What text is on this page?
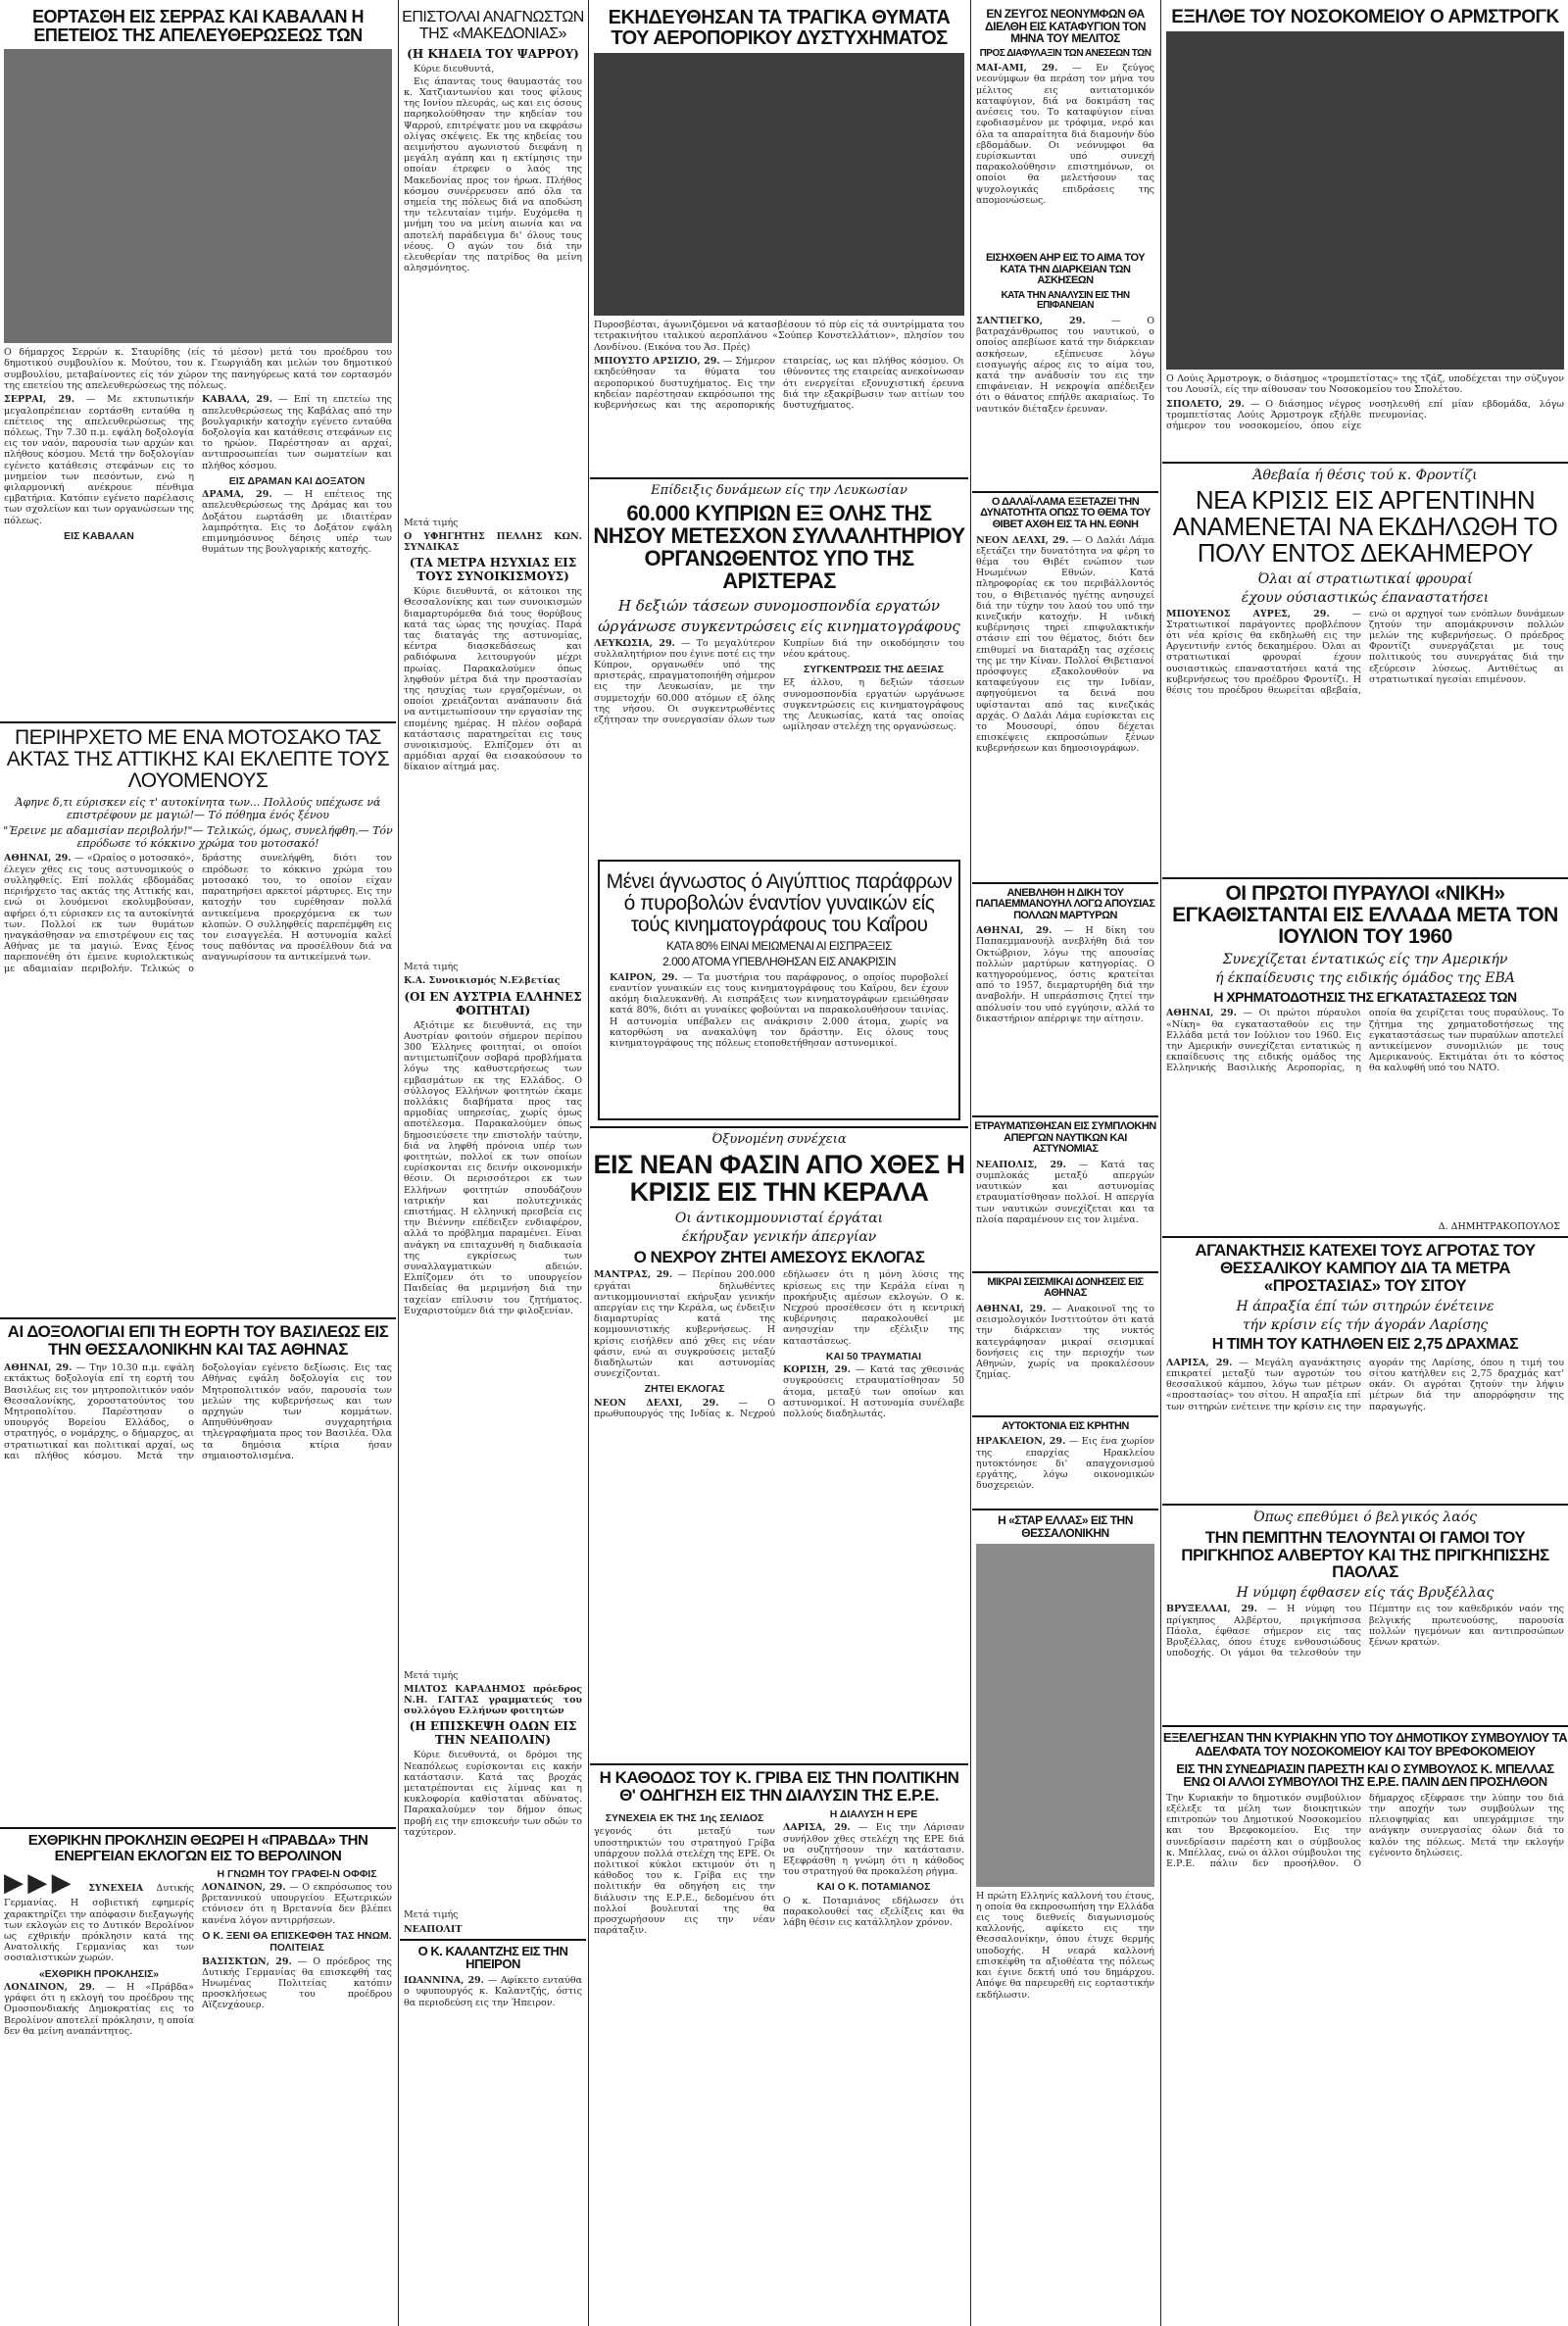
ΕΟΡΤΑΣΘΗ ΕΙΣ ΣΕΡΡΑΣ ΚΑΙ ΚΑΒΑΛΑΝ Η ΕΠΕΤΕΙΟΣ ΤΗΣ ΑΠΕΛΕΥΘΕΡΩΣΕΩΣ ΤΩΝ
Ο δήμαρχος Σερρών κ. Σταυρίδης (είς τό μέσον) μετά του προέδρου του δημοτικού συμβουλίου κ. Μούτου, του κ. Γεωργιάδη και μελών του δημοτικού συμβουλίου, μεταβαίνοντες είς τόν χώρον της πανηγύρεως κατά τον εορτασμόν της επετείου της απελευθερώσεως της πόλεως.
ΣΕΡΡΑΙ, 29. — Με εκτυπωτικήν μεγαλοπρέπειαν εορτάσθη ενταύθα η επέτειος της απελευθερώσεως της πόλεως. Την 7.30 π.μ. εψάλη δοξολογία εις τον ναόν, παρουσία των αρχών και πλήθους κόσμου. Μετά την δοξολογίαν εγένετο κατάθεσις στεφάνων εις το μνημείον των πεσόντων, ενώ η φιλαρμονική ανέκρουε πένθιμα εμβατήρια. Κατόπιν εγένετο παρέλασις των σχολείων και των οργανώσεων της πόλεως.
ΕΙΣ ΚΑΒΑΛΑΝ
ΚΑΒΑΛΑ, 29. — Επί τη επετείω της απελευθερώσεως της Καβάλας από την βουλγαρικήν κατοχήν εγένετο ενταύθα δοξολογία και κατάθεσις στεφάνων εις το ηρώον. Παρέστησαν αι αρχαί, αντιπροσωπείαι των σωματείων και πλήθος κόσμου.
ΕΙΣ ΔΡΑΜΑΝ ΚΑΙ ΔΟΞΑΤΟΝ
ΔΡΑΜΑ, 29. — Η επέτειος της απελευθερώσεως της Δράμας και του Δοξάτου εωρτάσθη με ιδιαιτέραν λαμπρότητα. Εις το Δοξάτον εψάλη επιμνημόσυνος δέησις υπέρ των θυμάτων της βουλγαρικής κατοχής.
ΠΕΡΙΗΡΧΕΤΟ ΜΕ ΕΝΑ ΜΟΤΟΣΑΚΟ ΤΑΣ ΑΚΤΑΣ ΤΗΣ ΑΤΤΙΚΗΣ ΚΑΙ ΕΚΛΕΠΤΕ ΤΟΥΣ ΛΟΥΟΜΕΝΟΥΣ
Άφηνε δ,τι εύρισκεν είς τ' αυτοκίνητα των... Πολλούς υπέχωσε νά επιστρέφουν με μαγιώ!— Τό πόθημα ένός ξένου
"Έρεινε με αδαμισίαν περιβολήν!"— Τελικώς, όμως, συνελήφθη.— Τόν επρόδωσε τό κόκκινο χρώμα του μοτοσακό!
ΑΘΗΝΑΙ, 29. — «Ωραίος ο μοτοσακό», έλεγεν χθες εις τους αστυνομικούς ο συλληφθείς. Επί πολλάς εβδομάδας περιήρχετο τας ακτάς της Αττικής και, ενώ οι λουόμενοι εκολυμβούσαν, αφήρει ό,τι εύρισκεν εις τα αυτοκίνητά των. Πολλοί εκ των θυμάτων ηναγκάσθησαν να επιστρέψουν εις τας Αθήνας με τα μαγιώ. Ένας ξένος παρεπονέθη ότι έμεινε κυριολεκτικώς με αδαμιαίαν περιβολήν. Τελικώς ο δράστης συνελήφθη, διότι τον επρόδωσε το κόκκινο χρώμα του μοτοσακό του, το οποίον είχαν παρατηρήσει αρκετοί μάρτυρες. Εις την κατοχήν του ευρέθησαν πολλά αντικείμενα προερχόμενα εκ των κλοπών. Ο συλληφθείς παρεπέμφθη εις τον εισαγγελέα. Η αστυνομία καλεί τους παθόντας να προσέλθουν διά να αναγνωρίσουν τα αντικείμενά των.
ΑΙ ΔΟΞΟΛΟΓΙΑΙ ΕΠΙ ΤΗ ΕΟΡΤΗ ΤΟΥ ΒΑΣΙΛΕΩΣ ΕΙΣ ΤΗΝ ΘΕΣΣΑΛΟΝΙΚΗΝ ΚΑΙ ΤΑΣ ΑΘΗΝΑΣ
ΑΘΗΝΑΙ, 29. — Την 10.30 π.μ. εψάλη εκτάκτως δοξολογία επί τη εορτή του Βασιλέως εις τον μητροπολιτικόν ναόν Θεσσαλονίκης, χοροστατούντος του Μητροπολίτου. Παρέστησαν ο υπουργός Βορείου Ελλάδος, ο στρατηγός, ο νομάρχης, ο δήμαρχος, αι στρατιωτικαί και πολιτικαί αρχαί, ως και πλήθος κόσμου. Μετά την δοξολογίαν εγένετο δεξίωσις. Εις τας Αθήνας εψάλη δοξολογία εις τον Μητροπολιτικόν ναόν, παρουσία των μελών της κυβερνήσεως και των αρχηγών των κομμάτων. Απηυθύνθησαν συγχαρητήρια τηλεγραφήματα προς τον Βασιλέα. Όλα τα δημόσια κτίρια ήσαν σημαιοστολισμένα.
ΕΧΘΡΙΚΗΝ ΠΡΟΚΛΗΣΙΝ ΘΕΩΡΕΙ Η «ΠΡΑΒΔΑ» ΤΗΝ ΕΝΕΡΓΕΙΑΝ ΕΚΛΟΓΩΝ ΕΙΣ ΤΟ ΒΕΡΟΛΙΝΟΝ
▶▶▶ ΣΥΝΕΧΕΙΑ Δυτικής Γερμανίας. Η σοβιετική εφημερίς χαρακτηρίζει την απόφασιν διεξαγωγής των εκλογών εις το Δυτικόν Βερολίνον ως εχθρικήν πρόκλησιν κατά της Ανατολικής Γερμανίας και των σοσιαλιστικών χωρών.
«ΕΧΘΡΙΚΗ ΠΡΟΚΛΗΣΙΣ»
ΛΟΝΔΙΝΟΝ, 29. — Η «Πράβδα» γράφει ότι η εκλογή του προέδρου της Ομοσπονδιακής Δημοκρατίας εις το Βερολίνον αποτελεί πρόκλησιν, η οποία δεν θα μείνη αναπάντητος.
Η ΓΝΩΜΗ ΤΟΥ ΓΡΑΦΕΙ-Ν ΟΦΦΙΣ
ΛΟΝΔΙΝΟΝ, 29. — Ο εκπρόσωπος του βρεταννικού υπουργείου Εξωτερικών ετόνισεν ότι η Βρεταννία δεν βλέπει κανένα λόγον αντιρρήσεων.
Ο Κ. ΞΕΝΙ ΘΑ ΕΠΙΣΚΕΦΘΗ ΤΑΣ ΗΝΩΜ. ΠΟΛΙΤΕΙΑΣ
ΒΑΣΙΣΚΤΩΝ, 29. — Ο πρόεδρος της Δυτικής Γερμανίας θα επισκεφθή τας Ηνωμένας Πολιτείας κατόπιν προσκλήσεως του προέδρου Αϊζενχάουερ.
ΕΠΙΣΤΟΛΑΙ ΑΝΑΓΝΩΣΤΩΝ ΤΗΣ «ΜΑΚΕΔΟΝΙΑΣ»
(Η ΚΗΔΕΙΑ ΤΟΥ ΨΑΡΡΟΥ)

Κύριε διευθυντά,

Εις άπαντας τους θαυμαστάς του κ. Χατζιαντωνίου και τους φίλους της Ιονίου πλευράς, ως και εις όσους παρηκολούθησαν την κηδείαν του Ψαρρού, επιτρέψατε μου να εκφράσω ολίγας σκέψεις. Εκ της κηδείας του αειμνήστου αγωνιστού διεφάνη η μεγάλη αγάπη και η εκτίμησις την οποίαν έτρεφεν ο λαός της Μακεδονίας προς τον ήρωα. Πλήθος κόσμου συνέρρευσεν από όλα τα σημεία της πόλεως διά να αποδώση την τελευταίαν τιμήν. Ευχόμεθα η μνήμη του να μείνη αιωνία και να αποτελή παράδειγμα δι' όλους τους νέους. Ο αγών του διά την ελευθερίαν της πατρίδος θα μείνη αλησμόνητος.

Μετά τιμής
Ο ΥΦΗΓΗΤΗΣ ΠΕΛΛΗΣ ΚΩΝ. ΣΥΝΔΙΚΑΣ
(ΤΑ ΜΕΤΡΑ ΗΣΥΧΙΑΣ ΕΙΣ ΤΟΥΣ ΣΥΝΟΙΚΙΣΜΟΥΣ)

Κύριε διευθυντά, οι κάτοικοι της Θεσσαλονίκης και των συνοικισμών διαμαρτυρόμεθα διά τους θορύβους κατά τας ώρας της ησυχίας. Παρά τας διαταγάς της αστυνομίας, κέντρα διασκεδάσεως και ραδιόφωνα λειτουργούν μέχρι πρωίας. Παρακαλούμεν όπως ληφθούν μέτρα διά την προστασίαν της ησυχίας των εργαζομένων, οι οποίοι χρειάζονται ανάπαυσιν διά να αντιμετωπίσουν την εργασίαν της επομένης ημέρας. Η πλέον σοβαρά κατάστασις παρατηρείται εις τους συνοικισμούς. Ελπίζομεν ότι αι αρμόδιαι αρχαί θα εισακούσουν το δίκαιον αίτημά μας.

Μετά τιμής
Κ.Α. Συνοικισμός Ν.Ελβετίας
(ΟΙ ΕΝ ΑΥΣΤΡΙΑ ΕΛΛΗΝΕΣ ΦΟΙΤΗΤΑΙ)

Αξιότιμε κε διευθυντά, εις την Αυστρίαν φοιτούν σήμερον περίπου 300 Έλληνες φοιτηταί, οι οποίοι αντιμετωπίζουν σοβαρά προβλήματα λόγω της καθυστερήσεως των εμβασμάτων εκ της Ελλάδος. Ο σύλλογος Ελλήνων φοιτητών έκαμε πολλάκις διαβήματα προς τας αρμοδίας υπηρεσίας, χωρίς όμως αποτέλεσμα. Παρακαλούμεν όπως δημοσιεύσετε την επιστολήν ταύτην, διά να ληφθή πρόνοια υπέρ των φοιτητών, πολλοί εκ των οποίων ευρίσκονται εις δεινήν οικονομικήν θέσιν. Οι περισσότεροι εκ των Ελλήνων φοιτητών σπουδάζουν ιατρικήν και πολυτεχνικάς επιστήμας. Η ελληνική πρεσβεία εις την Βιέννην επέδειξεν ενδιαφέρον, αλλά το πρόβλημα παραμένει. Είναι ανάγκη να επιταχυνθή η διαδικασία της εγκρίσεως των συναλλαγματικών αδειών. Ελπίζομεν ότι το υπουργείον Παιδείας θα μεριμνήση διά την ταχείαν επίλυσιν του ζητήματος. Ευχαριστούμεν διά την φιλοξενίαν.

Μετά τιμής
ΜΙΛΤΟΣ ΚΑΡΑΔΗΜΟΣ πρόεδρος Ν.Η. ΓΑΓΓΑΣ γραμματεύς του συλλόγου Ελλήνων φοιτητών
(Η ΕΠΙΣΚΕΨΗ ΟΔΩΝ ΕΙΣ ΤΗΝ ΝΕΑΠΟΛΙΝ)

Κύριε διευθυντά, οι δρόμοι της Νεαπόλεως ευρίσκονται εις κακήν κατάστασιν. Κατά τας βροχάς μετατρέπονται εις λίμνας και η κυκλοφορία καθίσταται αδύνατος. Παρακαλούμεν τον δήμον όπως προβή εις την επισκευήν των οδών το ταχύτερον.

Μετά τιμής
ΝΕΑΠΟΛΙΤ
Ο Κ. ΚΑΛΑΝΤΖΗΣ ΕΙΣ ΤΗΝ ΗΠΕΙΡΟΝ
ΙΩΑΝΝΙΝΑ, 29. — Αφίκετο ενταύθα ο υφυπουργός κ. Καλαντζής, όστις θα περιοδεύση εις την Ήπειρον.
ΕΚΗΔΕΥΘΗΣΑΝ ΤΑ ΤΡΑΓΙΚΑ ΘΥΜΑΤΑ ΤΟΥ ΑΕΡΟΠΟΡΙΚΟΥ ΔΥΣΤΥΧΗΜΑΤΟΣ
Πυροσβέσται, άγωνιζόμενοι νά κατασβέσουν τό πύρ είς τά συντρίμματα του τετρακινήτου ιταλικού αεροπλάνου «Σούπερ Κονστελλάτιον», πλησίον του Λονδίνου. (Εικόνα του Άσ. Πρές)
ΜΠΟΥΣΤΟ ΑΡΣΙΖΙΟ, 29. — Σήμερον εκηδεύθησαν τα θύματα του αεροπορικού δυστυχήματος. Εις την κηδείαν παρέστησαν εκπρόσωποι της κυβερνήσεως και της αεροπορικής εταιρείας, ως και πλήθος κόσμου. Οι ιθύνοντες της εταιρείας ανεκοίνωσαν ότι ενεργείται εξονυχιστική έρευνα διά την εξακρίβωσιν των αιτίων του δυστυχήματος.
Επίδειξις δυνάμεων είς την Λευκωσίαν
60.000 ΚΥΠΡΙΩΝ ΕΞ ΟΛΗΣ ΤΗΣ ΝΗΣΟΥ ΜΕΤΕΣΧΟΝ ΣΥΛΛΑΛΗΤΗΡΙΟΥ ΟΡΓΑΝΩΘΕΝΤΟΣ ΥΠΟ ΤΗΣ ΑΡΙΣΤΕΡΑΣ
Η δεξιών τάσεων συνομοσπονδία εργατών
ώργάνωσε συγκεντρώσεις είς κινηματογράφους
ΛΕΥΚΩΣΙΑ, 29. — Το μεγαλύτερον συλλαλητήριον που έγινε ποτέ εις την Κύπρον, οργανωθέν υπό της αριστεράς, επραγματοποιήθη σήμερον εις την Λευκωσίαν, με την συμμετοχήν 60.000 ατόμων εξ όλης της νήσου. Οι συγκεντρωθέντες εζήτησαν την συνεργασίαν όλων των Κυπρίων διά την οικοδόμησιν του νέου κράτους.
ΣΥΓΚΕΝΤΡΩΣΙΣ ΤΗΣ ΔΕΞΙΑΣ
Εξ άλλου, η δεξιών τάσεων συνομοσπονδία εργατών ωργάνωσε συγκεντρώσεις εις κινηματογράφους της Λευκωσίας, κατά τας οποίας ωμίλησαν στελέχη της οργανώσεως.
Μένει άγνωστος ό Αιγύπτιος παράφρων ό πυροβολών έναντίον γυναικών είς τούς κινηματογράφους του Καΐρου
ΚΑΤΑ 80% ΕΙΝΑΙ ΜΕΙΩΜΕΝΑΙ ΑΙ ΕΙΣΠΡΑΞΕΙΣ
2.000 ΑΤΟΜΑ ΥΠΕΒΛΗΘΗΣΑΝ ΕΙΣ ΑΝΑΚΡΙΣΙΝ
ΚΑΪΡΟΝ, 29. — Τα μυστήρια του παράφρονος, ο οποίος πυροβολεί εναντίον γυναικών εις τους κινηματογράφους του Καΐρου, δεν έχουν ακόμη διαλευκανθή. Αι εισπράξεις των κινηματογράφων εμειώθησαν κατά 80%, διότι αι γυναίκες φοβούνται να παρακολουθήσουν ταινίας. Η αστυνομία υπέβαλεν εις ανάκρισιν 2.000 άτομα, χωρίς να κατορθώση να ανακαλύψη τον δράστην. Εις όλους τους κινηματογράφους της πόλεως ετοποθετήθησαν αστυνομικοί.
Όξυνομένη συνέχεια
ΕΙΣ ΝΕΑΝ ΦΑΣΙΝ ΑΠΟ ΧΘΕΣ Η ΚΡΙΣΙΣ ΕΙΣ ΤΗΝ ΚΕΡΑΛΑ
Οι άντικομμουνισταί έργάται
έκήρυξαν γενικήν άπεργίαν
Ο ΝΕΧΡΟΥ ΖΗΤΕΙ ΑΜΕΣΟΥΣ ΕΚΛΟΓΑΣ
ΜΑΝΤΡΑΣ, 29. — Περίπου 200.000 εργάται δηλωθέντες αντικομμουνισταί εκήρυξαν γενικήν απεργίαν εις την Κεράλα, ως ένδειξιν διαμαρτυρίας κατά της κομμουνιστικής κυβερνήσεως. Η κρίσις εισήλθεν από χθες εις νέαν φάσιν, ενώ αι συγκρούσεις μεταξύ διαδηλωτών και αστυνομίας συνεχίζονται.
ΖΗΤΕΙ ΕΚΛΟΓΑΣ
ΝΕΟΝ ΔΕΛΧΙ, 29. — Ο πρωθυπουργός της Ινδίας κ. Νεχρού εδήλωσεν ότι η μόνη λύσις της κρίσεως εις την Κεράλα είναι η προκήρυξις αμέσων εκλογών. Ο κ. Νεχρού προσέθεσεν ότι η κεντρική κυβέρνησις παρακολουθεί με ανησυχίαν την εξέλιξιν της καταστάσεως.
ΚΑΙ 50 ΤΡΑΥΜΑΤΙΑΙ
ΚΟΡΙΣΗ, 29. — Κατά τας χθεσινάς συγκρούσεις ετραυματίσθησαν 50 άτομα, μεταξύ των οποίων και αστυνομικοί. Η αστυνομία συνέλαβε πολλούς διαδηλωτάς.
Η ΚΑΘΟΔΟΣ ΤΟΥ Κ. ΓΡΙΒΑ ΕΙΣ ΤΗΝ ΠΟΛΙΤΙΚΗΝ Θ' ΟΔΗΓΗΣΗ ΕΙΣ ΤΗΝ ΔΙΑΛΥΣΙΝ ΤΗΣ Ε.Ρ.Ε.
ΣΥΝΕΧΕΙΑ ΕΚ ΤΗΣ 1ης ΣΕΛΙΔΟΣ
γεγονός ότι μεταξύ των υποστηρικτών του στρατηγού Γρίβα υπάρχουν πολλά στελέχη της ΕΡΕ. Οι πολιτικοί κύκλοι εκτιμούν ότι η κάθοδος του κ. Γρίβα εις την πολιτικήν θα οδηγήση εις την διάλυσιν της Ε.Ρ.Ε., δεδομένου ότι πολλοί βουλευταί της θα προσχωρήσουν εις την νέαν παράταξιν.
Η ΔΙΑΛΥΣΗ Η ΕΡΕ
ΛΑΡΙΣΑ, 29. — Εις την Λάρισαν συνήλθον χθες στελέχη της ΕΡΕ διά να συζητήσουν την κατάστασιν. Εξεφράσθη η γνώμη ότι η κάθοδος του στρατηγού θα προκαλέση ρήγμα.
ΚΑΙ Ο Κ. ΠΟΤΑΜΙΑΝΟΣ
Ο κ. Ποταμιάνος εδήλωσεν ότι παρακολουθεί τας εξελίξεις και θα λάβη θέσιν εις κατάλληλον χρόνον.
ΕΝ ΖΕΥΓΟΣ ΝΕΟΝΥΜΦΩΝ ΘΑ ΔΙΕΛΘΗ ΕΙΣ ΚΑΤΑΦΥΓΙΟΝ ΤΟΝ ΜΗΝΑ ΤΟΥ ΜΕΛΙΤΟΣ
ΠΡΟΣ ΔΙΑΦΥΛΑΞΙΝ ΤΩΝ ΑΝΕΣΕΩΝ ΤΩΝ
ΜΑΪ-ΑΜΙ, 29. — Εν ζεύγος νεονύμφων θα περάση τον μήνα του μέλιτος εις αντιατομικόν καταφύγιον, διά να δοκιμάση τας ανέσεις του. Το καταφύγιον είναι εφοδιασμένον με τρόφιμα, νερό και όλα τα απαραίτητα διά διαμονήν δύο εβδομάδων. Οι νεόνυμφοι θα ευρίσκωνται υπό συνεχή παρακολούθησιν επιστημόνων, οι οποίοι θα μελετήσουν τας ψυχολογικάς επιδράσεις της απομονώσεως.
ΕΙΣΗΧΘΕΝ ΑΗΡ ΕΙΣ ΤΟ ΑΙΜΑ ΤΟΥ ΚΑΤΑ ΤΗΝ ΔΙΑΡΚΕΙΑΝ ΤΩΝ ΑΣΚΗΣΕΩΝ
ΚΑΤΑ ΤΗΝ ΑΝΑΛΥΣΙΝ ΕΙΣ ΤΗΝ ΕΠΙΦΑΝΕΙΑΝ
ΣΑΝΤΙΕΓΚΟ, 29.	— Ο βατραχάνθρωπος του ναυτικού, ο οποίος απεβίωσε κατά την διάρκειαν ασκήσεων, εξέπνευσε λόγω εισαγωγής αέρος εις το αίμα του, κατά την ανάδυσίν του εις την επιφάνειαν. Η νεκροψία απέδειξεν ότι ο θάνατος επήλθε ακαριαίως. Το ναυτικόν διέταξεν έρευναν.
Ο ΔΑΛΑΪ-ΛΑΜΑ ΕΞΕΤΑΖΕΙ ΤΗΝ ΔΥΝΑΤΟΤΗΤΑ ΟΠΩΣ ΤΟ ΘΕΜΑ ΤΟΥ ΘΙΒΕΤ ΑΧΘΗ ΕΙΣ ΤΑ ΗΝ. ΕΘΝΗ
ΝΕΟΝ ΔΕΛΧΙ, 29. — Ο Δαλάι Λάμα εξετάζει την δυνατότητα να φέρη το θέμα του Θιβέτ ενώπιον των Ηνωμένων Εθνών. Κατά πληροφορίας εκ του περιβάλλοντός του, ο Θιβετιανός ηγέτης ανησυχεί διά την τύχην του λαού του υπό την κινεζικήν κατοχήν. Η ινδική κυβέρνησις τηρεί επιφυλακτικήν στάσιν επί του θέματος, διότι δεν επιθυμεί να διαταράξη τας σχέσεις της με την Κίναν. Πολλοί Θιβετιανοί πρόσφυγες εξακολουθούν να καταφεύγουν εις την Ινδίαν, αφηγούμενοι τα δεινά που υφίστανται από τας κινεζικάς αρχάς. Ο Δαλάι Λάμα ευρίσκεται εις το Μουσουρί, όπου δέχεται επισκέψεις εκπροσώπων ξένων κυβερνήσεων και δημοσιογράφων.
ΑΝΕΒΛΗΘΗ Η ΔΙΚΗ ΤΟΥ ΠΑΠΑΕΜΜΑΝΟΥΗΛ ΛΟΓΩ ΑΠΟΥΣΙΑΣ ΠΟΛΛΩΝ ΜΑΡΤΥΡΩΝ
ΑΘΗΝΑΙ, 29. — Η δίκη του Παπαεμμανουήλ ανεβλήθη διά τον Οκτώβριον, λόγω της απουσίας πολλών μαρτύρων κατηγορίας. Ο κατηγορούμενος, όστις κρατείται από το 1957, διεμαρτυρήθη διά την αναβολήν. Η υπεράσπισις ζητεί την απόλυσίν του υπό εγγύησιν, αλλά το δικαστήριον απέρριψε την αίτησιν.
ΕΤΡΑΥΜΑΤΙΣΘΗΣΑΝ ΕΙΣ ΣΥΜΠΛΟΚΗΝ ΑΠΕΡΓΩΝ ΝΑΥΤΙΚΩΝ ΚΑΙ ΑΣΤΥΝΟΜΙΑΣ
ΝΕΑΠΟΛΙΣ, 29. — Κατά τας συμπλοκάς μεταξύ απεργών ναυτικών και αστυνομίας ετραυματίσθησαν πολλοί. Η απεργία των ναυτικών συνεχίζεται και τα πλοία παραμένουν εις τον λιμένα.
ΜΙΚΡΑΙ ΣΕΙΣΜΙΚΑΙ ΔΟΝΗΣΕΙΣ ΕΙΣ ΑΘΗΝΑΣ
ΑΘΗΝΑΙ, 29. — Ανακοινοΐ της το σεισμολογικόν Ινστιτούτον ότι κατά την διάρκειαν της νυκτός κατεγράφησαν μικραί σεισμικαί δονήσεις εις την περιοχήν των Αθηνών, χωρίς να προκαλέσουν ζημίας.
ΑΥΤΟΚΤΟΝΙΑ ΕΙΣ ΚΡΗΤΗΝ
ΗΡΑΚΛΕΙΟΝ, 29. — Εις ένα χωρίον της επαρχίας Ηρακλείου ηυτοκτόνησε δι' απαγχονισμού εργάτης, λόγω οικονομικών δυσχερειών.
Η «ΣΤΑΡ ΕΛΛΑΣ» ΕΙΣ ΤΗΝ ΘΕΣΣΑΛΟΝΙΚΗΝ
Η πρώτη Ελληνίς καλλονή του έτους, η οποία θα εκπροσωπήση την Ελλάδα εις τους διεθνείς διαγωνισμούς καλλονής, αφίκετο εις την Θεσσαλονίκην, όπου έτυχε θερμής υποδοχής. Η νεαρά καλλονή επισκέφθη τα αξιοθέατα της πόλεως και έγινε δεκτή υπό του δημάρχου. Απόψε θα παρευρεθή εις εορταστικήν εκδήλωσιν.
ΕΞΗΛΘΕ ΤΟΥ ΝΟΣΟΚΟΜΕΙΟΥ Ο ΑΡΜΣΤΡΟΓΚ
Ο Λούις Άρμστρογκ, ο διάσημος «τρομπετίστας» της τζάζ, υποδέχεται την σύζυγον του Λουσίλ, είς την αίθουσαν του Νοσοκομείου του Σπολέτου.
ΣΠΟΛΕΤΟ, 29. — Ο διάσημος νέγρος τρομπετίστας Λούις Άρμστρογκ εξήλθε σήμερον του νοσοκομείου, όπου είχε νοσηλευθή επί μίαν εβδομάδα, λόγω πνευμονίας.
Άθεβαία ή θέσις τού κ. Φροντίζι
ΝΕΑ ΚΡΙΣΙΣ ΕΙΣ ΑΡΓΕΝΤΙΝΗΝ ΑΝΑΜΕΝΕΤΑΙ ΝΑ ΕΚΔΗΛΩΘΗ ΤΟ ΠΟΛΥ ΕΝΤΟΣ ΔΕΚΑΗΜΕΡΟΥ
Όλαι αί στρατιωτικαί φρουραί
έχουν ούσιαστικώς έπαναστατήσει
ΜΠΟΥΕΝΟΣ ΑΫΡΕΣ, 29. — Στρατιωτικοί παράγοντες προβλέπουν ότι νέα κρίσις θα εκδηλωθή εις την Αργεντινήν εντός δεκαημέρου. Όλαι αι στρατιωτικαί φρουραί έχουν ουσιαστικώς επαναστατήσει κατά της κυβερνήσεως του προέδρου Φροντίζι. Η θέσις του προέδρου θεωρείται αβεβαία, ενώ οι αρχηγοί των ενόπλων δυνάμεων ζητούν την απομάκρυνσιν πολλών μελών της κυβερνήσεως. Ο πρόεδρος Φροντίζι συνεργάζεται με τους πολιτικούς του συνεργάτας διά την εξεύρεσιν λύσεως. Αντιθέτως αι στρατιωτικαί ηγεσίαι επιμένουν.
ΟΙ ΠΡΩΤΟΙ ΠΥΡΑΥΛΟΙ «ΝΙΚΗ» ΕΓΚΑΘΙΣΤΑΝΤΑΙ ΕΙΣ ΕΛΛΑΔΑ ΜΕΤΑ ΤΟΝ ΙΟΥΛΙΟΝ ΤΟΥ 1960
Συνεχίζεται έντατικώς είς την Αμερικήν
ή έκπαίδευσις της ειδικής όμάδος της ΕΒΑ
Η ΧΡΗΜΑΤΟΔΟΤΗΣΙΣ ΤΗΣ ΕΓΚΑΤΑΣΤΑΣΕΩΣ ΤΩΝ
ΑΘΗΝΑΙ, 29. — Οι πρώτοι πύραυλοι «Νίκη» θα εγκατασταθούν εις την Ελλάδα μετά τον Ιούλιον του 1960. Εις την Αμερικήν συνεχίζεται εντατικώς η εκπαίδευσις της ειδικής ομάδος της Ελληνικής Βασιλικής Αεροπορίας, η οποία θα χειρίζεται τους πυραύλους. Το ζήτημα της χρηματοδοτήσεως της εγκαταστάσεως των πυραύλων αποτελεί αντικείμενον συνομιλιών με τους Αμερικανούς. Εκτιμάται ότι το κόστος θα καλυφθή υπό του ΝΑΤΟ.
Δ. ΔΗΜΗΤΡΑΚΟΠΟΥΛΟΣ
ΑΓΑΝΑΚΤΗΣΙΣ ΚΑΤΕΧΕΙ ΤΟΥΣ ΑΓΡΟΤΑΣ ΤΟΥ ΘΕΣΣΑΛΙΚΟΥ ΚΑΜΠΟΥ ΔΙΑ ΤΑ ΜΕΤΡΑ «ΠΡΟΣΤΑΣΙΑΣ» ΤΟΥ ΣΙΤΟΥ
Η άπραξία έπί τών σιτηρών ένέτεινε
τήν κρίσιν είς τήν άγοράν Λαρίσης
Η ΤΙΜΗ ΤΟΥ ΚΑΤΗΛΘΕΝ ΕΙΣ 2,75 ΔΡΑΧΜΑΣ
ΛΑΡΙΣΑ, 29. — Μεγάλη αγανάκτησις επικρατεί μεταξύ των αγροτών του θεσσαλικού κάμπου, λόγω των μέτρων «προστασίας» του σίτου. Η απραξία επί των σιτηρών ενέτεινε την κρίσιν εις την αγοράν της Λαρίσης, όπου η τιμή του σίτου κατήλθεν εις 2,75 δραχμάς κατ' οκάν. Οι αγρόται ζητούν την λήψιν μέτρων διά την απορρόφησιν της παραγωγής.
Όπως επεθύμει ό βελγικός λαός
ΤΗΝ ΠΕΜΠΤΗΝ ΤΕΛΟΥΝΤΑΙ ΟΙ ΓΑΜΟΙ ΤΟΥ ΠΡΙΓΚΗΠΟΣ ΑΛΒΕΡΤΟΥ ΚΑΙ ΤΗΣ ΠΡΙΓΚΗΠΙΣΣΗΣ ΠΑΟΛΑΣ
Η νύμφη έφθασεν είς τάς Βρυξέλλας
ΒΡΥΞΕΛΛΑΙ, 29. — Η νύμφη του πρίγκηπος Αλβέρτου, πριγκήπισσα Πάολα, έφθασε σήμερον εις τας Βρυξέλλας, όπου έτυχε ενθουσιώδους υποδοχής. Οι γάμοι θα τελεσθούν την Πέμπτην εις τον καθεδρικόν ναόν της βελγικής πρωτευούσης, παρουσία πολλών ηγεμόνων και αντιπροσώπων ξένων κρατών.
ΕΞΕΛΕΓΗΣΑΝ ΤΗΝ ΚΥΡΙΑΚΗΝ ΥΠΟ ΤΟΥ ΔΗΜΟΤΙΚΟΥ ΣΥΜΒΟΥΛΙΟΥ ΤΑ ΑΔΕΛΦΑΤΑ ΤΟΥ ΝΟΣΟΚΟΜΕΙΟΥ ΚΑΙ ΤΟΥ ΒΡΕΦΟΚΟΜΕΙΟΥ
ΕΙΣ ΤΗΝ ΣΥΝΕΔΡΙΑΣΙΝ ΠΑΡΕΣΤΗ ΚΑΙ Ο ΣΥΜΒΟΥΛΟΣ Κ. ΜΠΕΛΛΑΣ ΕΝΩ ΟΙ ΑΛΛΟΙ ΣΥΜΒΟΥΛΟΙ ΤΗΣ Ε.Ρ.Ε. ΠΑΛΙΝ ΔΕΝ ΠΡΟΣΗΛΘΟΝ
Την Κυριακήν το δημοτικόν συμβούλιον εξέλεξε τα μέλη των διοικητικών επιτροπών του Δημοτικού Νοσοκομείου και του Βρεφοκομείου. Εις την συνεδρίασιν παρέστη και ο σύμβουλος κ. Μπέλλας, ενώ οι άλλοι σύμβουλοι της Ε.Ρ.Ε. πάλιν δεν προσήλθον. Ο δήμαρχος εξέφρασε την λύπην του διά την αποχήν των συμβούλων της πλειοψηφίας και υπεγράμμισε την ανάγκην συνεργασίας όλων διά το καλόν της πόλεως. Μετά την εκλογήν εγένοντο δηλώσεις.
